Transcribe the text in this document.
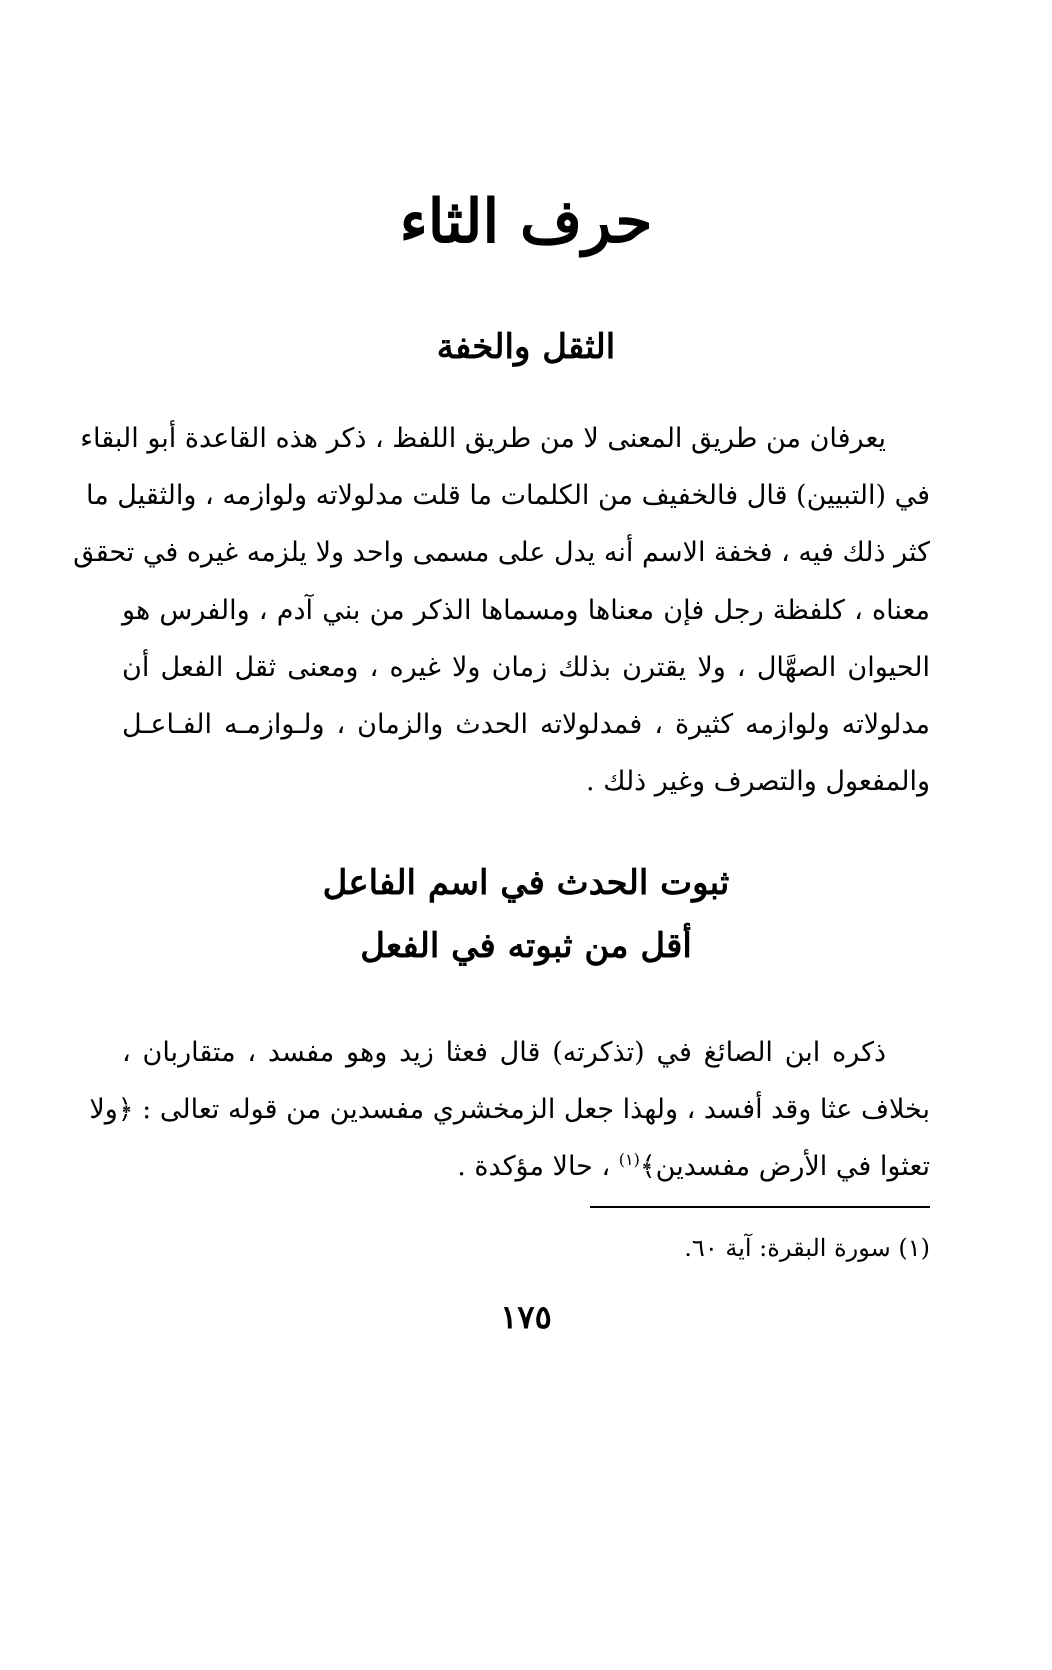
حرف الثاء
الثقل والخفة
يعرفان من طريق المعنى لا من طريق اللفظ ، ذكر هذه القاعدة أبو البقاء
في (التبيين) قال فالخفيف من الكلمات ما قلت مدلولاته ولوازمه ، والثقيل ما
كثر ذلك فيه ، فخفة الاسم أنه يدل على مسمى واحد ولا يلزمه غيره في تحقق
معناه ، كلفظة رجل فإن معناها ومسماها الذكر من بني آدم ، والفرس هو
الحيوان الصهَّال ، ولا يقترن بذلك زمان ولا غيره ، ومعنى ثقل الفعل أن
مدلولاته ولوازمه كثيرة ، فمدلولاته الحدث والزمان ، ولـوازمـه الفـاعـل
والمفعول والتصرف وغير ذلك .
ثبوت الحدث في اسم الفاعل
أقل من ثبوته في الفعل
ذكره ابن الصائغ في (تذكرته) قال فعثا زيد وهو مفسد ، متقاربان ،
بخلاف عثا وقد أفسد ، ولهذا جعل الزمخشري مفسدين من قوله تعالى : ﴿ولا
تعثوا في الأرض مفسدين﴾$^{(١)}$ ، حالا مؤكدة .
(١) سورة البقرة: آية ٦٠.
١٧٥
